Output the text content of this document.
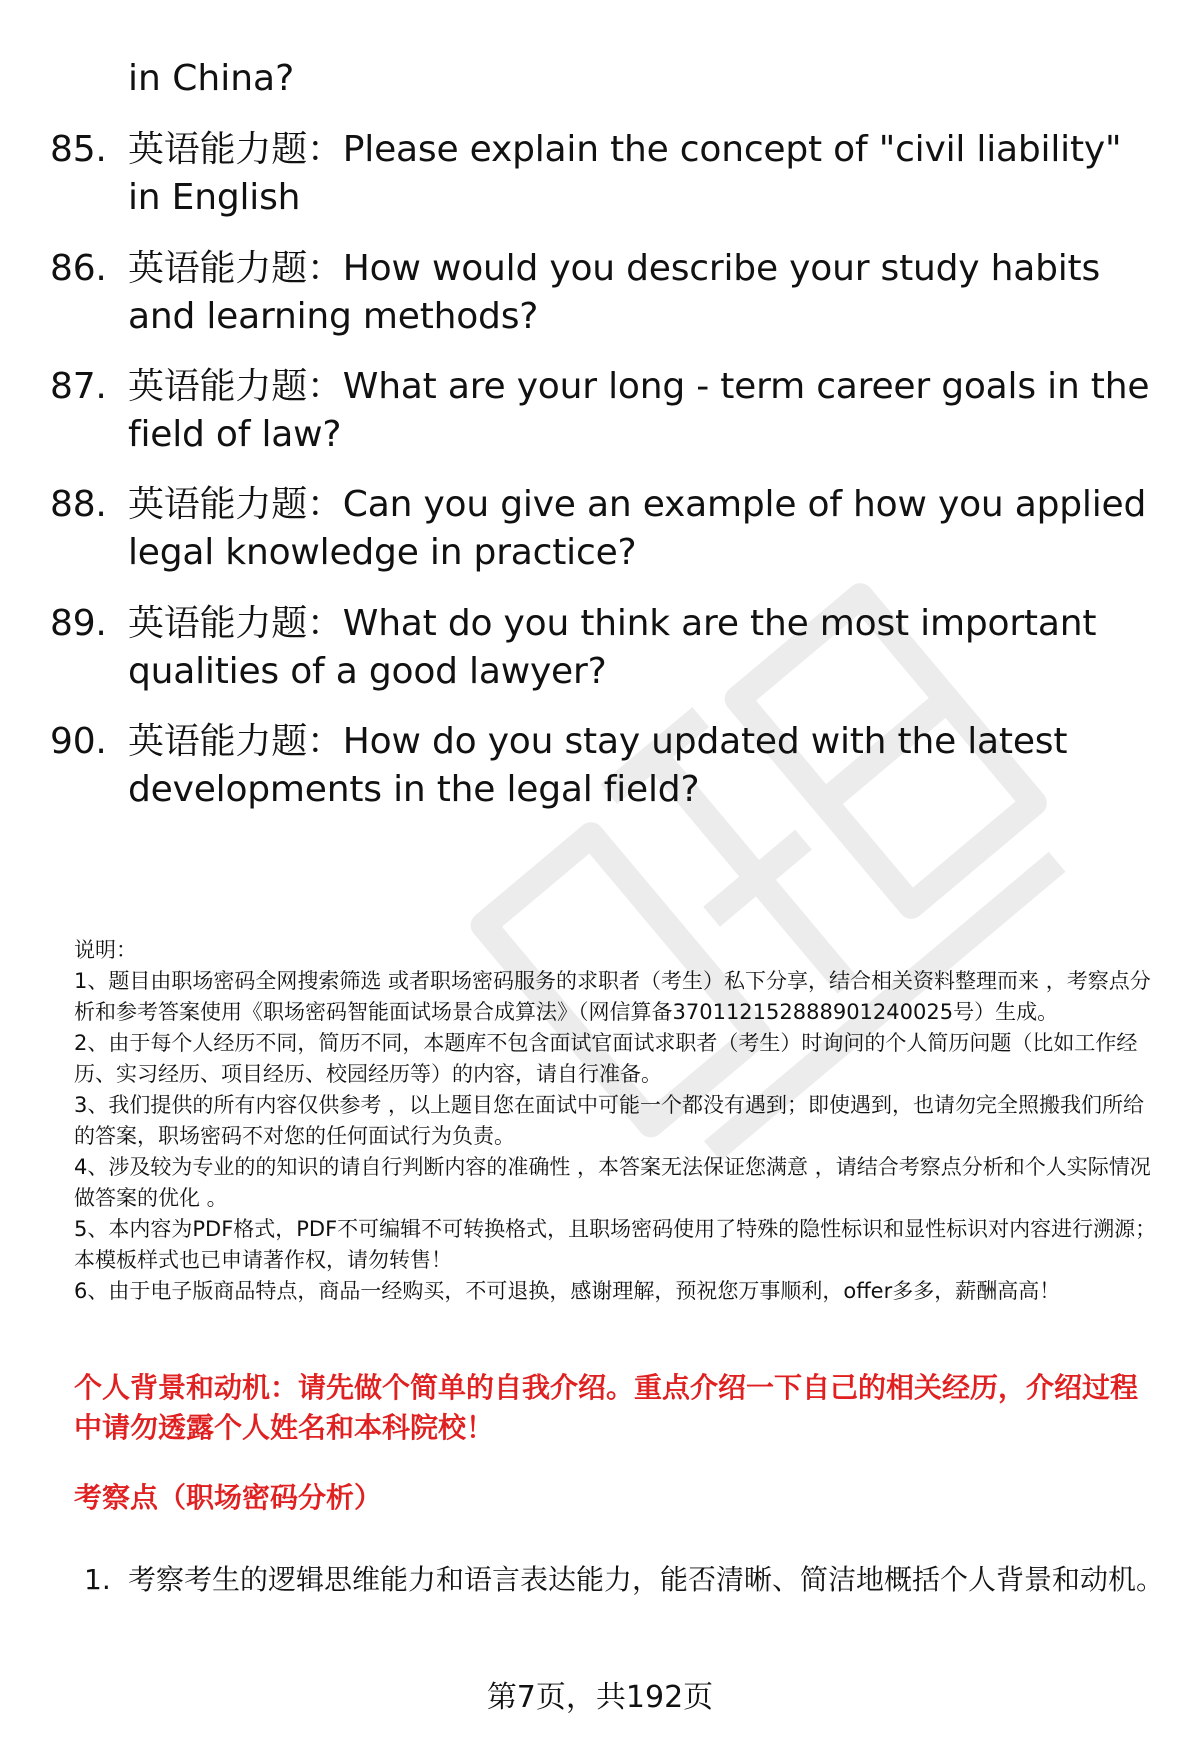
in China?
85. 英语能力题：Please explain the concept of "civil liability" in English
86. 英语能力题：How would you describe your study habits and learning methods?
87. 英语能力题：What are your long - term career goals in the field of law?
88. 英语能力题：Can you give an example of how you applied legal knowledge in practice?
89. 英语能力题：What do you think are the most important qualities of a good lawyer?
90. 英语能力题：How do you stay updated with the latest developments in the legal field?

说明：

1、题目由职场密码全网搜索筛选 或者职场密码服务的求职者（考生）私下分享，结合相关资料整理而来 ，考察点分析和参考答案使用《职场密码智能面试场景合成算法》（网信算备370112152888901240025号）生成。

2、由于每个人经历不同，简历不同，本题库不包含面试官面试求职者（考生）时询问的个人简历问题（比如工作经历、实习经历、项目经历、校园经历等）的内容，请自行准备。

3、我们提供的所有内容仅供参考 ，以上题目您在面试中可能一个都没有遇到；即使遇到，也请勿完全照搬我们所给的答案，职场密码不对您的任何面试行为负责。

4、涉及较为专业的的知识的请自行判断内容的准确性 ，本答案无法保证您满意 ，请结合考察点分析和个人实际情况做答案的优化 。

5、本内容为PDF格式，PDF不可编辑不可转换格式，且职场密码使用了特殊的隐性标识和显性标识对内容进行溯源；本模板样式也已申请著作权，请勿转售！

6、由于电子版商品特点，商品一经购买，不可退换，感谢理解，预祝您万事顺利，offer多多，薪酬高高！

个人背景和动机：请先做个简单的自我介绍。重点介绍一下自己的相关经历，介绍过程中请勿透露个人姓名和本科院校！
考察点（职场密码分析）
1. 考察考生的逻辑思维能力和语言表达能力，能否清晰、简洁地概括个人背景和动机。
第7页，共192页
